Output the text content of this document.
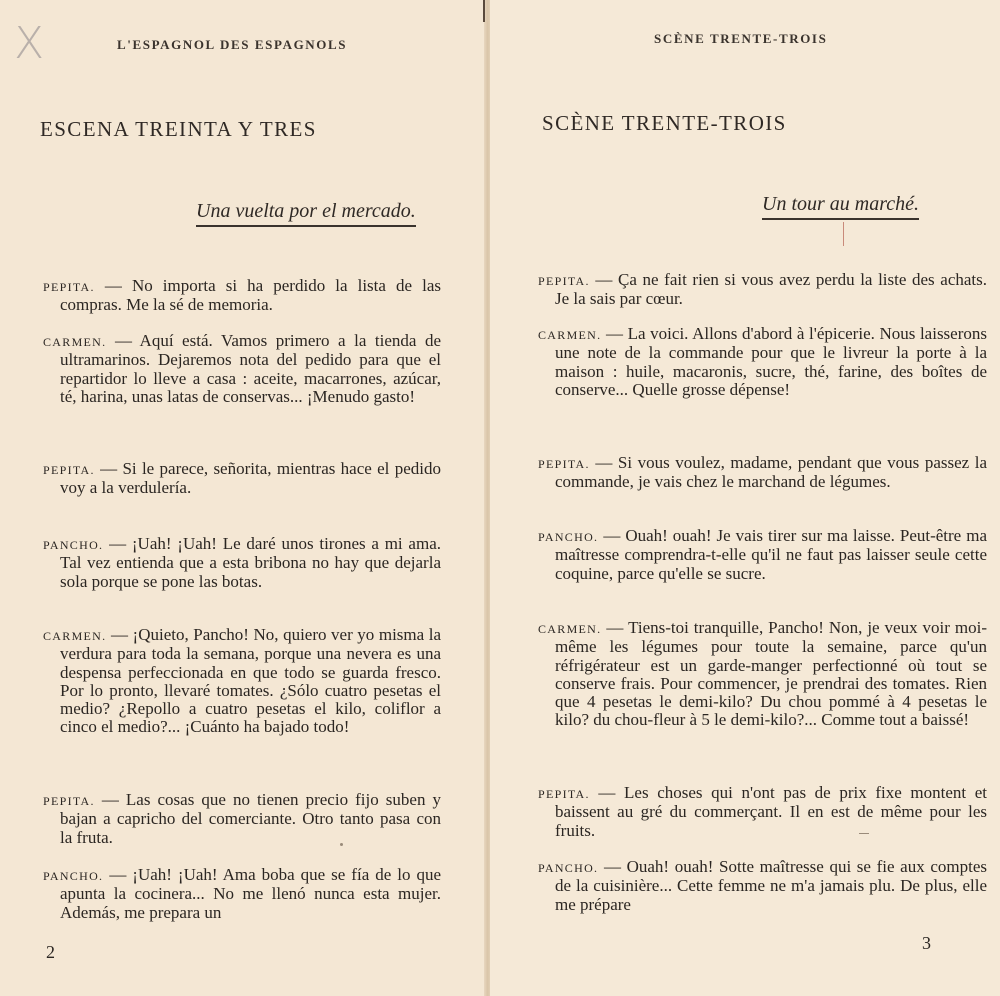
X	L'ESPAGNOL DES ESPAGNOLS
ESCENA TREINTA Y TRES
Una vuelta por el mercado.

PEPITA. — No importa si ha perdido la lista de las compras. Me la sé de memoria.

CARMEN. — Aquí está. Vamos primero a la tienda de ultramarinos. Dejaremos nota del pedido para que el repartidor lo lleve a casa : aceite, macarrones, azúcar, té, harina, unas latas de conservas... ¡Menudo gasto!

PEPITA. — Si le parece, señorita, mientras hace el pedido voy a la verdulería.

PANCHO. — ¡Uah! ¡Uah! Le daré unos tirones a mi ama. Tal vez entienda que a esta bribona no hay que dejarla sola porque se pone las botas.

CARMEN. — ¡Quieto, Pancho! No, quiero ver yo misma la verdura para toda la semana, porque una nevera es una despensa perfeccionada en que todo se guarda fresco. Por lo pronto, llevaré tomates. ¿Sólo cuatro pesetas el medio? ¿Repollo a cuatro pesetas el kilo, coliflor a cinco el medio?... ¡Cuánto ha bajado todo!

PEPITA. — Las cosas que no tienen precio fijo suben y bajan a capricho del comerciante. Otro tanto pasa con la fruta.

PANCHO. — ¡Uah! ¡Uah! Ama boba que se fía de lo que apunta la cocinera... No me llenó nunca esta mujer. Además, me prepara un

2
SCÈNE TRENTE-TROIS
SCÈNE TRENTE-TROIS
Un tour au marché.

PEPITA. — Ça ne fait rien si vous avez perdu la liste des achats. Je la sais par cœur.

CARMEN. — La voici. Allons d'abord à l'épicerie. Nous laisserons une note de la commande pour que le livreur la porte à la maison : huile, macaronis, sucre, thé, farine, des boîtes de conserve... Quelle grosse dépense!

PEPITA. — Si vous voulez, madame, pendant que vous passez la commande, je vais chez le marchand de légumes.

PANCHO. — Ouah! ouah! Je vais tirer sur ma laisse. Peut-être ma maîtresse comprendra-t-elle qu'il ne faut pas laisser seule cette coquine, parce qu'elle se sucre.

CARMEN. — Tiens-toi tranquille, Pancho! Non, je veux voir moi-même les légumes pour toute la semaine, parce qu'un réfrigérateur est un garde-manger perfectionné où tout se conserve frais. Pour commencer, je prendrai des tomates. Rien que 4 pesetas le demi-kilo? Du chou pommé à 4 pesetas le kilo? du chou-fleur à 5 le demi-kilo?... Comme tout a baissé!

PEPITA. — Les choses qui n'ont pas de prix fixe montent et baissent au gré du commerçant. Il en est de même pour les fruits.

PANCHO. — Ouah! ouah! Sotte maîtresse qui se fie aux comptes de la cuisinière... Cette femme ne m'a jamais plu. De plus, elle me prépare

3
